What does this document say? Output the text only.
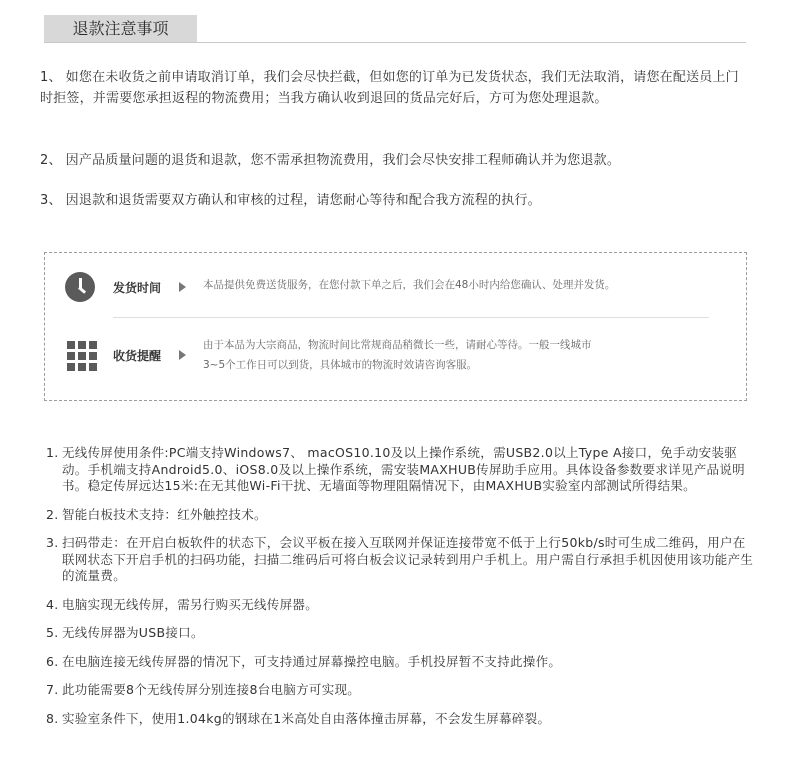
退款注意事项
1、 如您在未收货之前申请取消订单，我们会尽快拦截，但如您的订单为已发货状态，我们无法取消，请您在配送员上门时拒签，并需要您承担返程的物流费用；当我方确认收到退回的货品完好后，方可为您处理退款。
2、 因产品质量问题的退货和退款，您不需承担物流费用，我们会尽快安排工程师确认并为您退款。
3、 因退款和退货需要双方确认和审核的过程，请您耐心等待和配合我方流程的执行。
发货时间	本品提供免费送货服务，在您付款下单之后，我们会在48小时内给您确认、处理并发货。
收货提醒
由于本品为大宗商品，物流时间比常规商品稍微长一些，请耐心等待。一般一线城市
3~5个工作日可以到货，具体城市的物流时效请咨询客服。
1. 无线传屏使用条件:PC端支持Windows7、 macOS10.10及以上操作系统，需USB2.0以上Type A接口，免手动安装驱动。手机端支持Android5.0、iOS8.0及以上操作系统，需安装MAXHUB传屏助手应用。具体设备参数要求详见产品说明书。稳定传屏远达15米:在无其他Wi-Fi干扰、无墙面等物理阻隔情况下，由MAXHUB实验室内部测试所得结果。
2. 智能白板技术支持：红外触控技术。
3. 扫码带走：在开启白板软件的状态下，会议平板在接入互联网并保证连接带宽不低于上行50kb/s时可生成二维码，用户在联网状态下开启手机的扫码功能，扫描二维码后可将白板会议记录转到用户手机上。用户需自行承担手机因使用该功能产生的流量费。
4. 电脑实现无线传屏，需另行购买无线传屏器。
5. 无线传屏器为USB接口。
6. 在电脑连接无线传屏器的情况下，可支持通过屏幕操控电脑。手机投屏暂不支持此操作。
7. 此功能需要8个无线传屏分别连接8台电脑方可实现。
8. 实验室条件下，使用1.04kg的钢球在1米高处自由落体撞击屏幕，不会发生屏幕碎裂。
